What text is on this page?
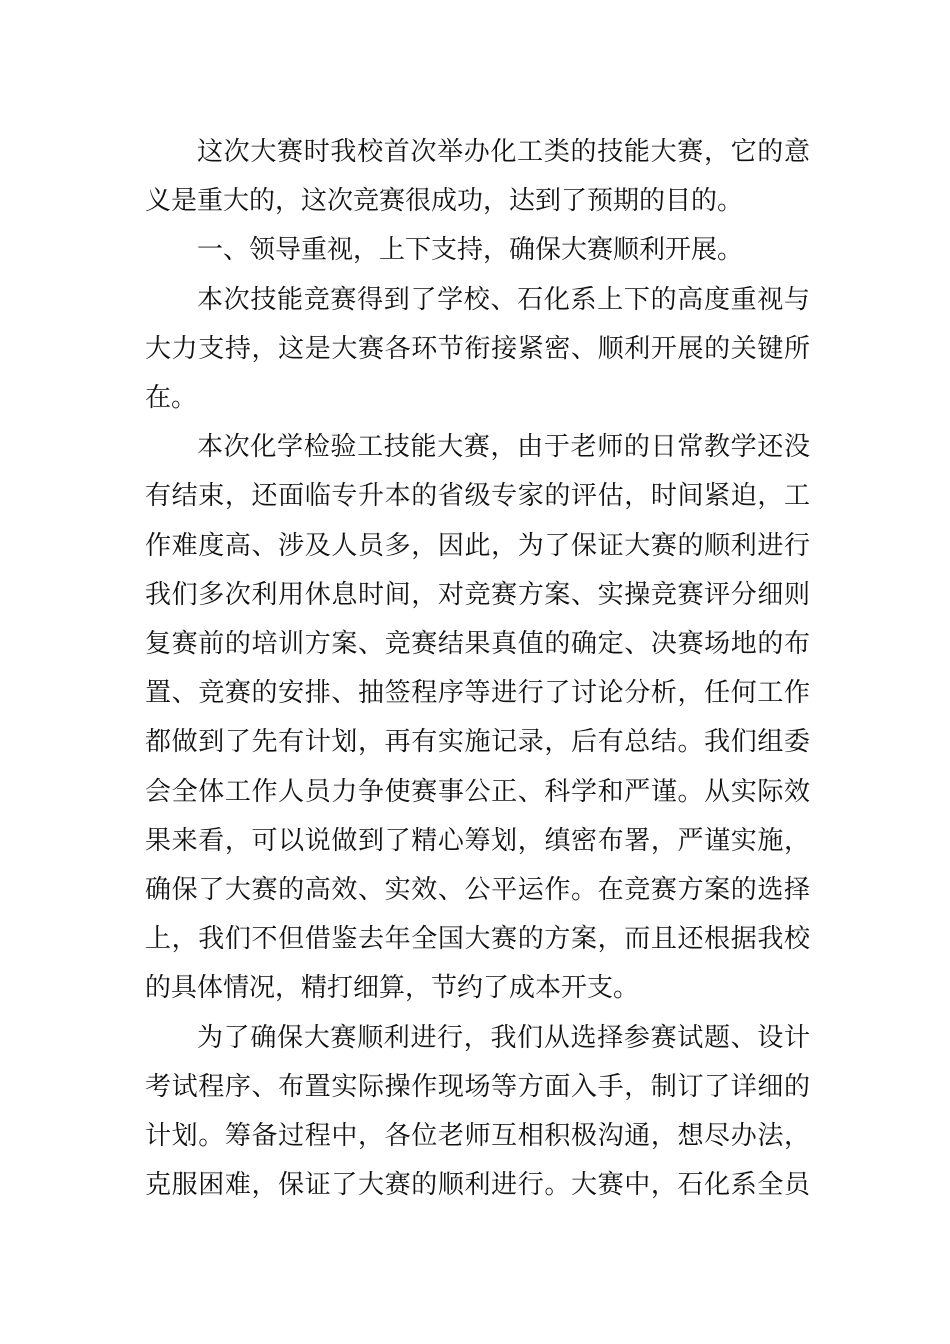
这次大赛时我校首次举办化工类的技能大赛，它的意
义是重大的，这次竞赛很成功，达到了预期的目的。
一、领导重视，上下支持，确保大赛顺利开展。
本次技能竞赛得到了学校、石化系上下的高度重视与
大力支持，这是大赛各环节衔接紧密、顺利开展的关键所
在。
本次化学检验工技能大赛，由于老师的日常教学还没
有结束，还面临专升本的省级专家的评估，时间紧迫，工
作难度高、涉及人员多，因此，为了保证大赛的顺利进行
我们多次利用休息时间，对竞赛方案、实操竞赛评分细则
复赛前的培训方案、竞赛结果真值的确定、决赛场地的布
置、竞赛的安排、抽签程序等进行了讨论分析，任何工作
都做到了先有计划，再有实施记录，后有总结。我们组委
会全体工作人员力争使赛事公正、科学和严谨。从实际效
果来看，可以说做到了精心筹划，缜密布署，严谨实施，
确保了大赛的高效、实效、公平运作。在竞赛方案的选择
上，我们不但借鉴去年全国大赛的方案，而且还根据我校
的具体情况，精打细算，节约了成本开支。
为了确保大赛顺利进行，我们从选择参赛试题、设计
考试程序、布置实际操作现场等方面入手，制订了详细的
计划。筹备过程中，各位老师互相积极沟通，想尽办法，
克服困难，保证了大赛的顺利进行。大赛中，石化系全员
